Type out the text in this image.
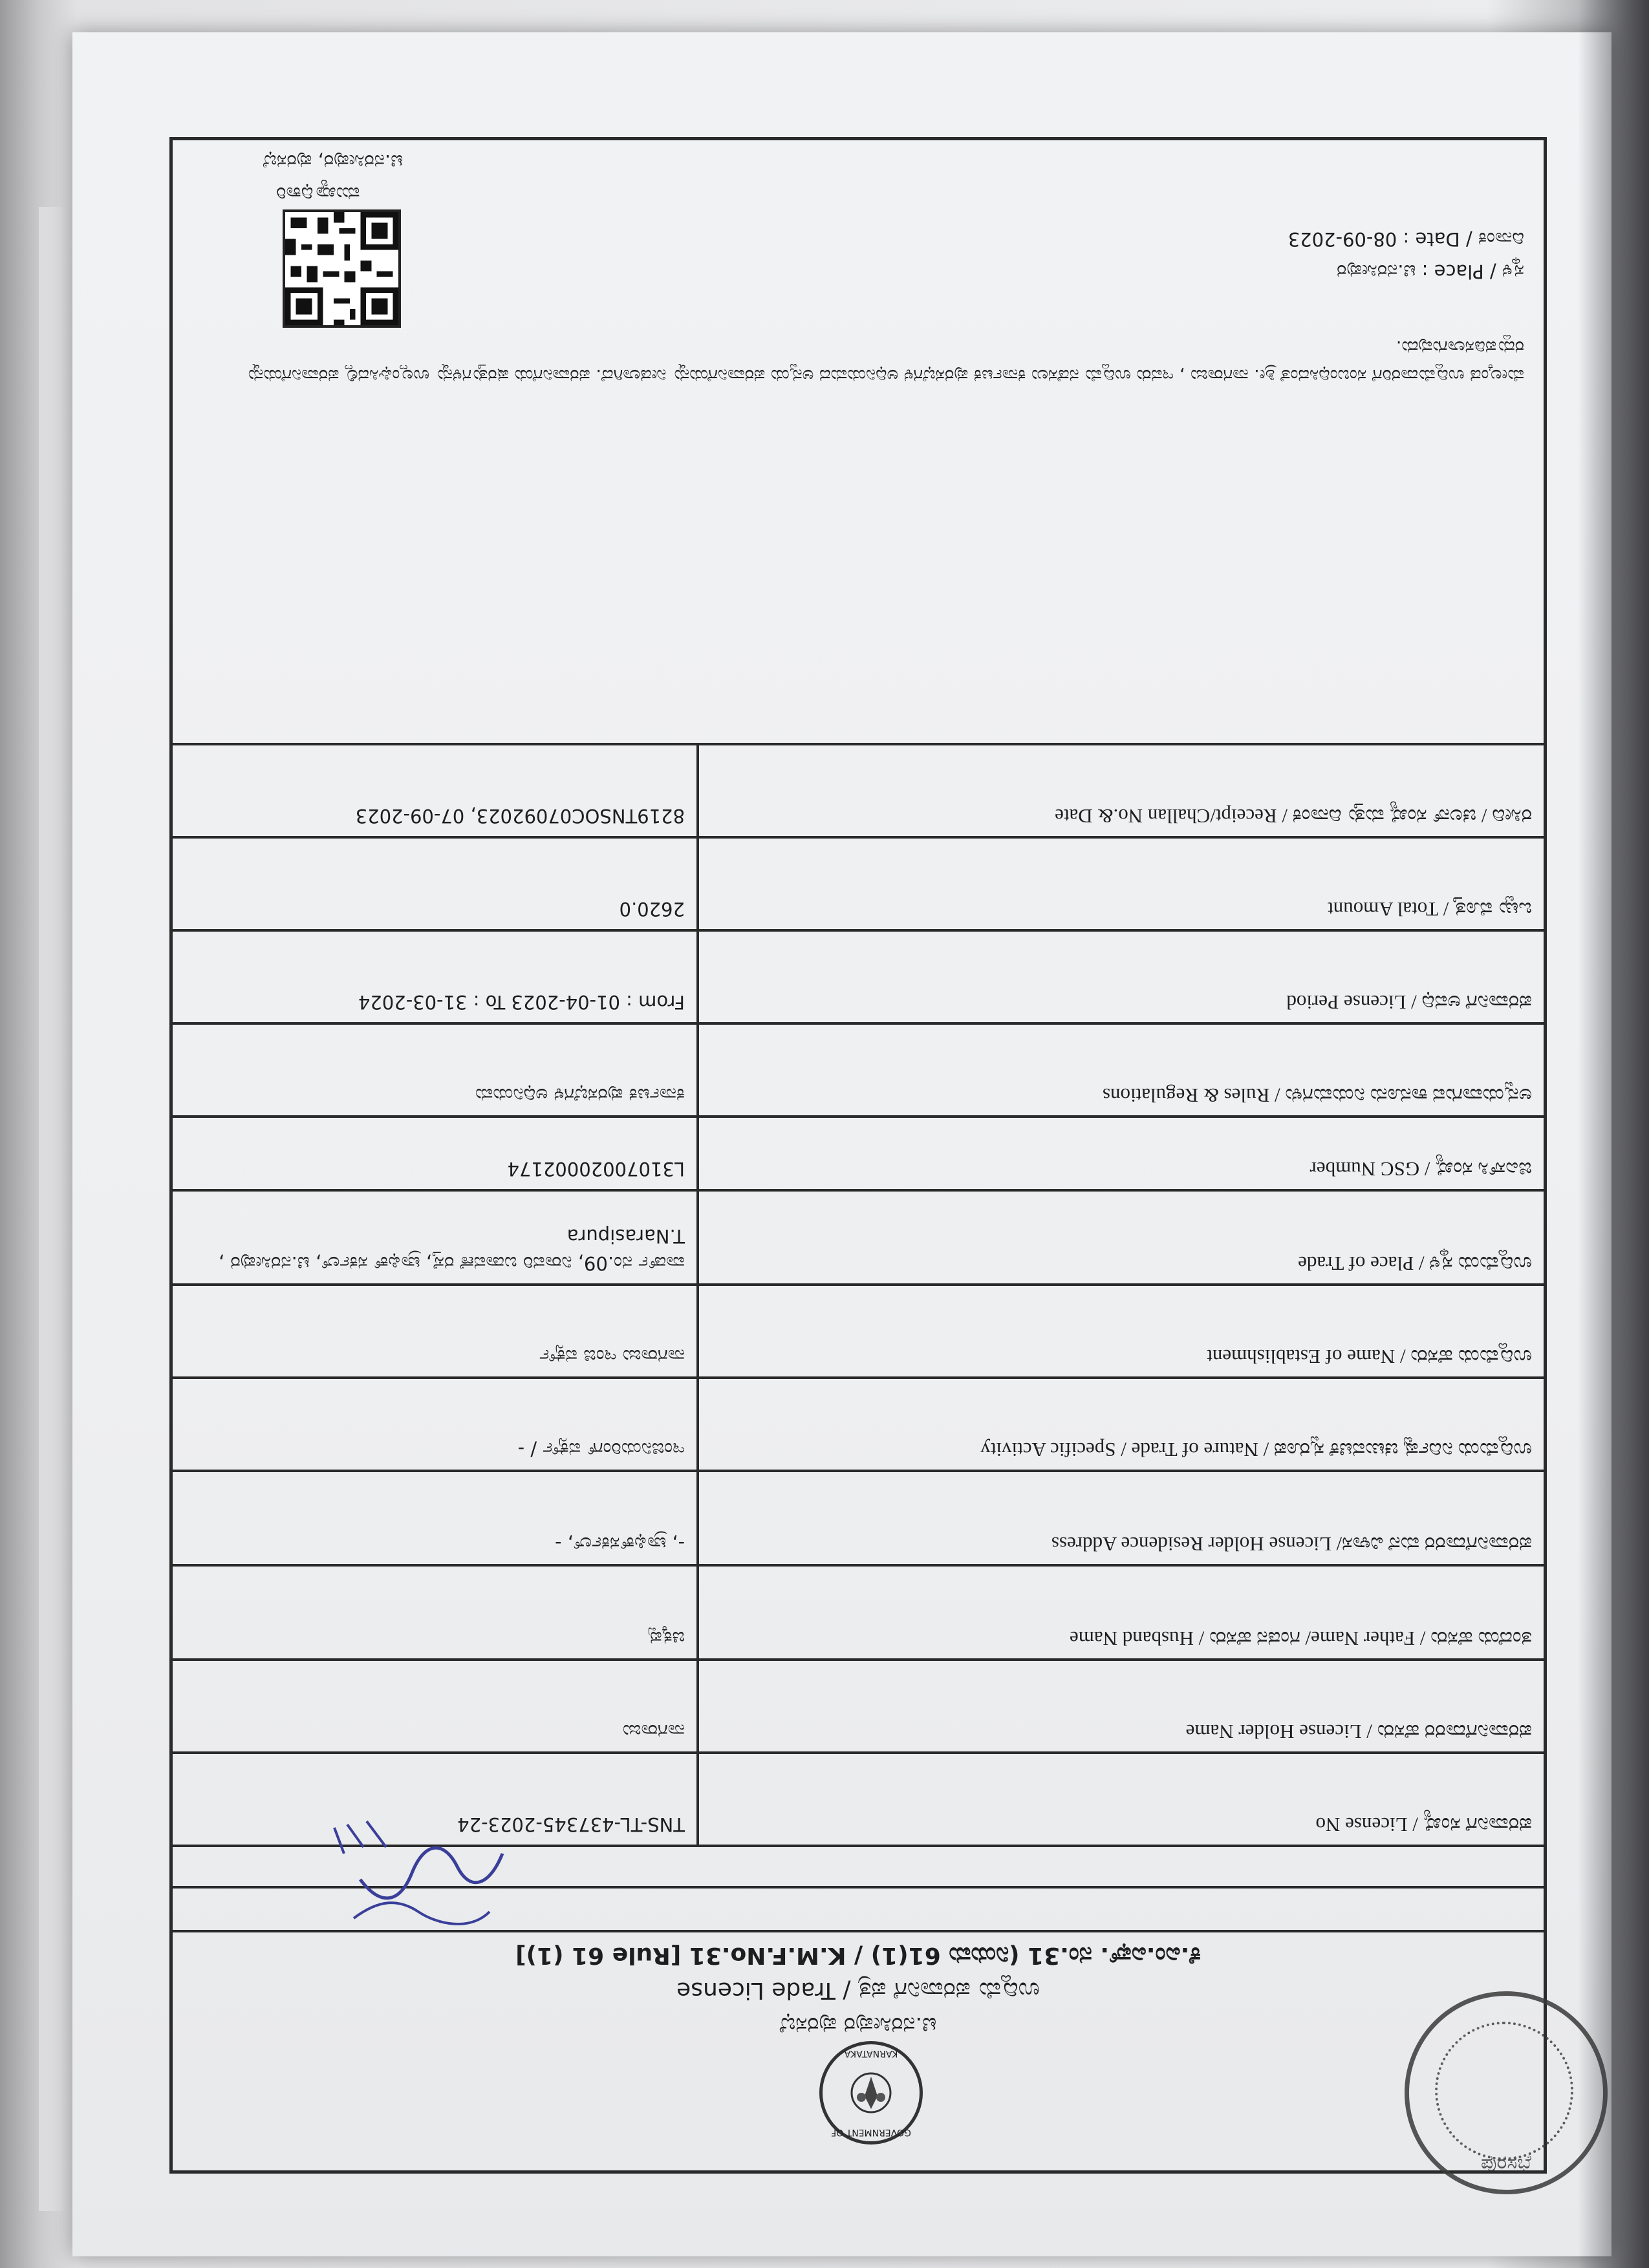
GOVERNMENT OF
KARNATAKA
ಟಿ.ನರಸೀಪುರ ಪುರಸಭೆ
ಉದ್ದಿಮೆ ಪರವಾನಿಗೆ ಪತ್ರ / Trade License
ಕೆ.ಎಂ.ಎಫ್. ನಂ.31 (ನಿಯಮ 61(1) / K.M.F.No.31 [Rule 61 (1)]
ಪರವಾನಿಗೆ ಸಂಖ್ಯೆ / License No	TNS-TL-437345-2023-24
ಪರವಾನಿಗೆದಾರರ ಹೆಸರು / License Holder Name	ನಾಗರಾಜು
ತಂದೆಯ ಹೆಸರು / Father Name/ ಗಂಡನ ಹೆಸರು / Husband Name	ಚಿಕ್ಕಪ್ಪ
ಪರವಾನಿಗೆದಾರರ ಮನೆ ವಿಳಾಸ/ License Holder Residence Address	-, ಟ್ರಾಫಿಕ್‌ಸರ್ಕಲ್‌, -
ಉದ್ದಿಮೆಯ ನಿರ್ದಿಷ್ಟ ಚಟುವಟಿಕೆ ಸ್ವರೂಪ / Nature of Trade / Specific Activity	ಇಂಜಿನಿಯರಿಂಗ್ ವರ್ಕ್ಸ್ / -
ಉದ್ದಿಮೆಯ ಹೆಸರು / Name of Establishment	ನಾಗರಾಜು ಇಂಜಿ ವರ್ಕ್ಸ್
ಉದ್ದಿಮೆಯ ಸ್ಥಳ / Place of Trade	ವಾರ್ಡ್ ನಂ.09, ನಿರಾವರಿ ಬಡಾವಣೆ ರಸ್ತೆ, ಟ್ರಾಫಿಕ್ ಸರ್ಕಲ್, ಟಿ.ನರಸೀಪುರ , T.Narasipura
ಜಿಎಸ್‌ಸಿ ಸಂಖ್ಯೆ / GSC Number	L31070020002174
ಅನ್ವಯವಾಗುವ ಕಾನೂನು ನಿಯಮಗಳು / Rules & Regulations	ಕರ್ನಾಟಕ ಪುರಸಭೆಗಳ ಅಧಿನಿಯಮ
ಪರವಾನಿಗೆ ಅವಧಿ / License Period	From : 01-04-2023 To : 31-03-2024
ಒಟ್ಟು ಮೊತ್ತ / Total Amount	2620.0
ರಸೀದಿ / ಚಲನ್ ಸಂಖ್ಯೆ ಮತ್ತು ದಿನಾಂಕ / Receipt/Challan No.& Date	8219TNSOC07092023, 07-09-2023
ಮೇಲ್ಕಂಡ ಉದ್ದಿಮೆದಾರರಿಗೆ ಸಂಬಂಧಿಸಿದಂತೆ ಶ್ರೀ. ನಾಗರಾಜು , ಇವರು ಉದ್ದಿಮೆ ನಡೆಸಲು ಕರ್ನಾಟಕ ಪುರಸಭೆಗಳ ಅಧಿನಿಯಮದ ಅನ್ವಯ ಪರವಾನಿಗೆಯನ್ನು ನೀಡಲಾಗಿದೆ. ಪರವಾನಿಗೆಯ ಷರತ್ತುಗಳನ್ನು ಉಲ್ಲಂಘಿಸಿದಲ್ಲಿ ಪರವಾನಿಗೆಯನ್ನು ರದ್ದುಪಡಿಸಲಾಗುವುದು.
ಸ್ಥಳ / Place : ಟಿ.ನರಸೀಪುರ
ದಿನಾಂಕ / Date : 08-09-2023
ಮುಖ್ಯಾಧಿಕಾರಿ
ಟಿ.ನರಸೀಪುರ, ಪುರಸಭೆ
ಪುರಸಭೆ
